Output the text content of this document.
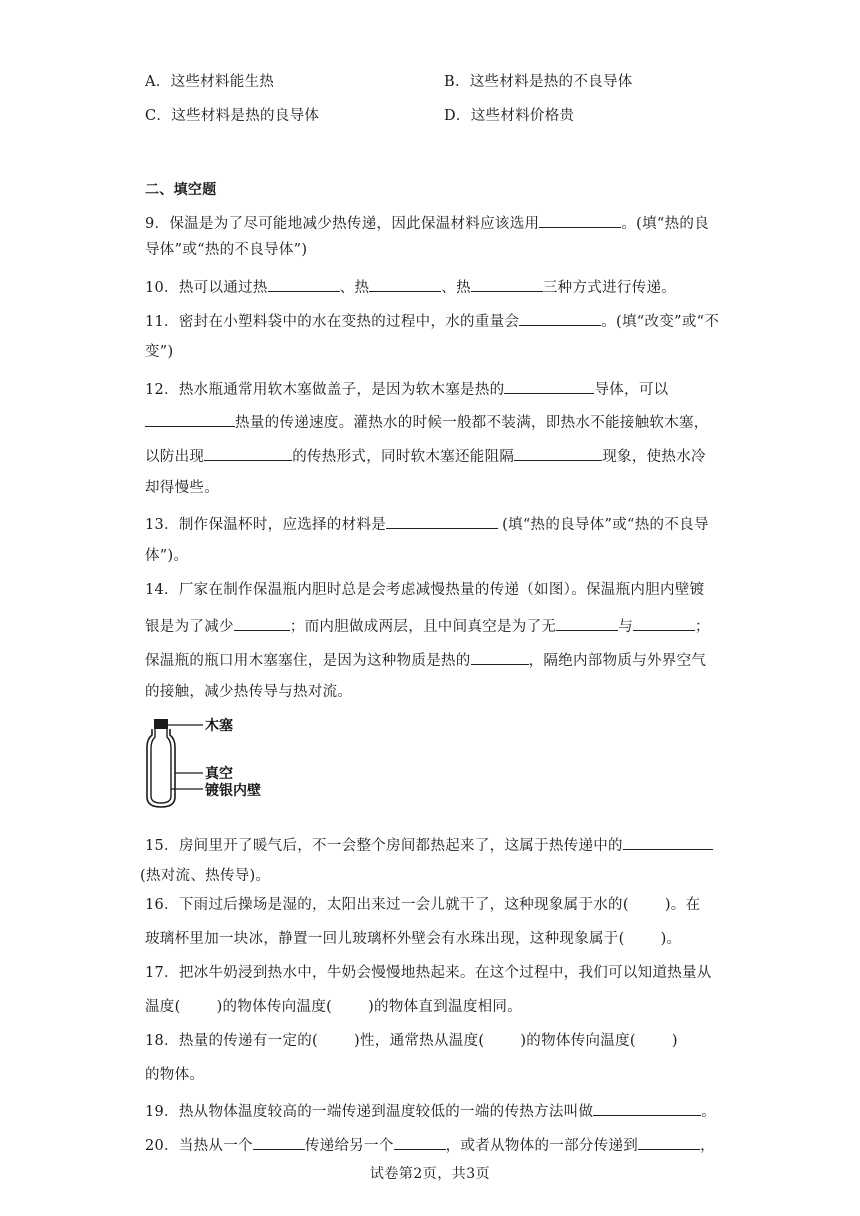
A．这些材料能生热	B．这些材料是热的不良导体
C．这些材料是热的良导体	D．这些材料价格贵
二、填空题
9．保温是为了尽可能地减少热传递，因此保温材料应该选用	。(填“热的良
导体”或“热的不良导体”)
10．热可以通过热	、热	、热	三种方式进行传递。
11．密封在小塑料袋中的水在变热的过程中，水的重量会	。(填“改变”或“不
变”)
12．热水瓶通常用软木塞做盖子，是因为软木塞是热的	导体，可以
热量的传递速度。灌热水的时候一般都不装满，即热水不能接触软木塞，
以防出现	的传热形式，同时软木塞还能阻隔	现象，使热水冷
却得慢些。
13．制作保温杯时，应选择的材料是	(填“热的良导体”或“热的不良导
体”)。
14．厂家在制作保温瓶内胆时总是会考虑减慢热量的传递（如图）。保温瓶内胆内壁镀
银是为了减少	；而内胆做成两层，且中间真空是为了无	与	；
保温瓶的瓶口用木塞塞住，是因为这种物质是热的	，隔绝内部物质与外界空气
的接触，减少热传导与热对流。
木塞
真空
镀银内壁
15．房间里开了暖气后，不一会整个房间都热起来了，这属于热传递中的
(热对流、热传导)。
16．下雨过后操场是湿的，太阳出来过一会儿就干了，这种现象属于水的( )。在
玻璃杯里加一块冰，静置一回儿玻璃杯外壁会有水珠出现，这种现象属于( )。
17．把冰牛奶浸到热水中，牛奶会慢慢地热起来。在这个过程中，我们可以知道热量从
温度( )的物体传向温度( )的物体直到温度相同。
18．热量的传递有一定的( )性，通常热从温度( )的物体传向温度( )
的物体。
19．热从物体温度较高的一端传递到温度较低的一端的传热方法叫做	。
20．当热从一个	传递给另一个	，或者从物体的一部分传递到	，
试卷第2页，共3页
